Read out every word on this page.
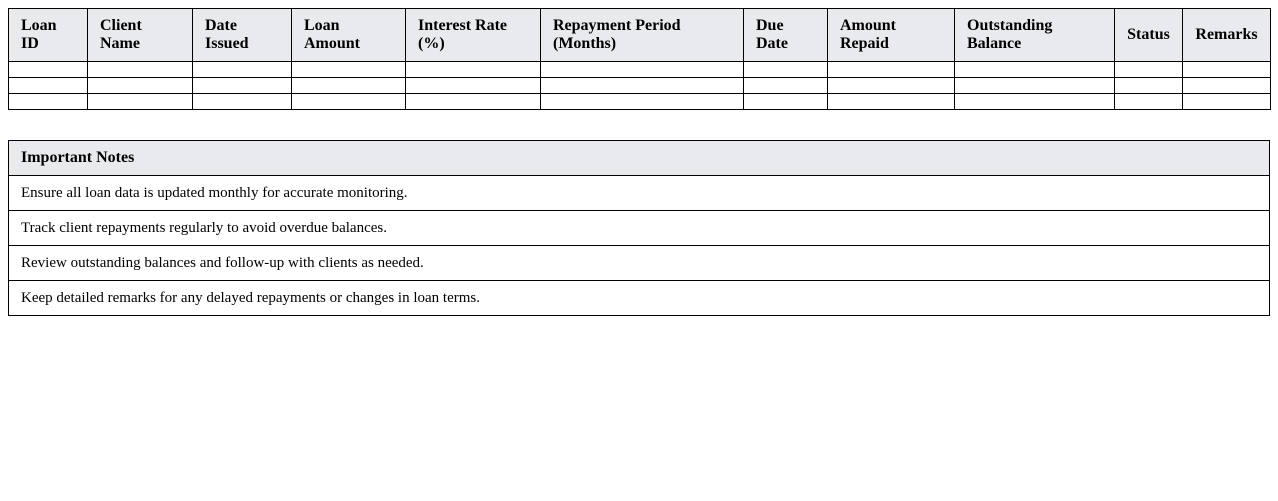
Loan ID	Client Name	Date Issued	Loan Amount	Interest Rate (%)	Repayment Period (Months)	Due Date	Amount Repaid	Outstanding Balance	Status	Remarks

Important Notes
Ensure all loan data is updated monthly for accurate monitoring.
Track client repayments regularly to avoid overdue balances.
Review outstanding balances and follow-up with clients as needed.
Keep detailed remarks for any delayed repayments or changes in loan terms.
